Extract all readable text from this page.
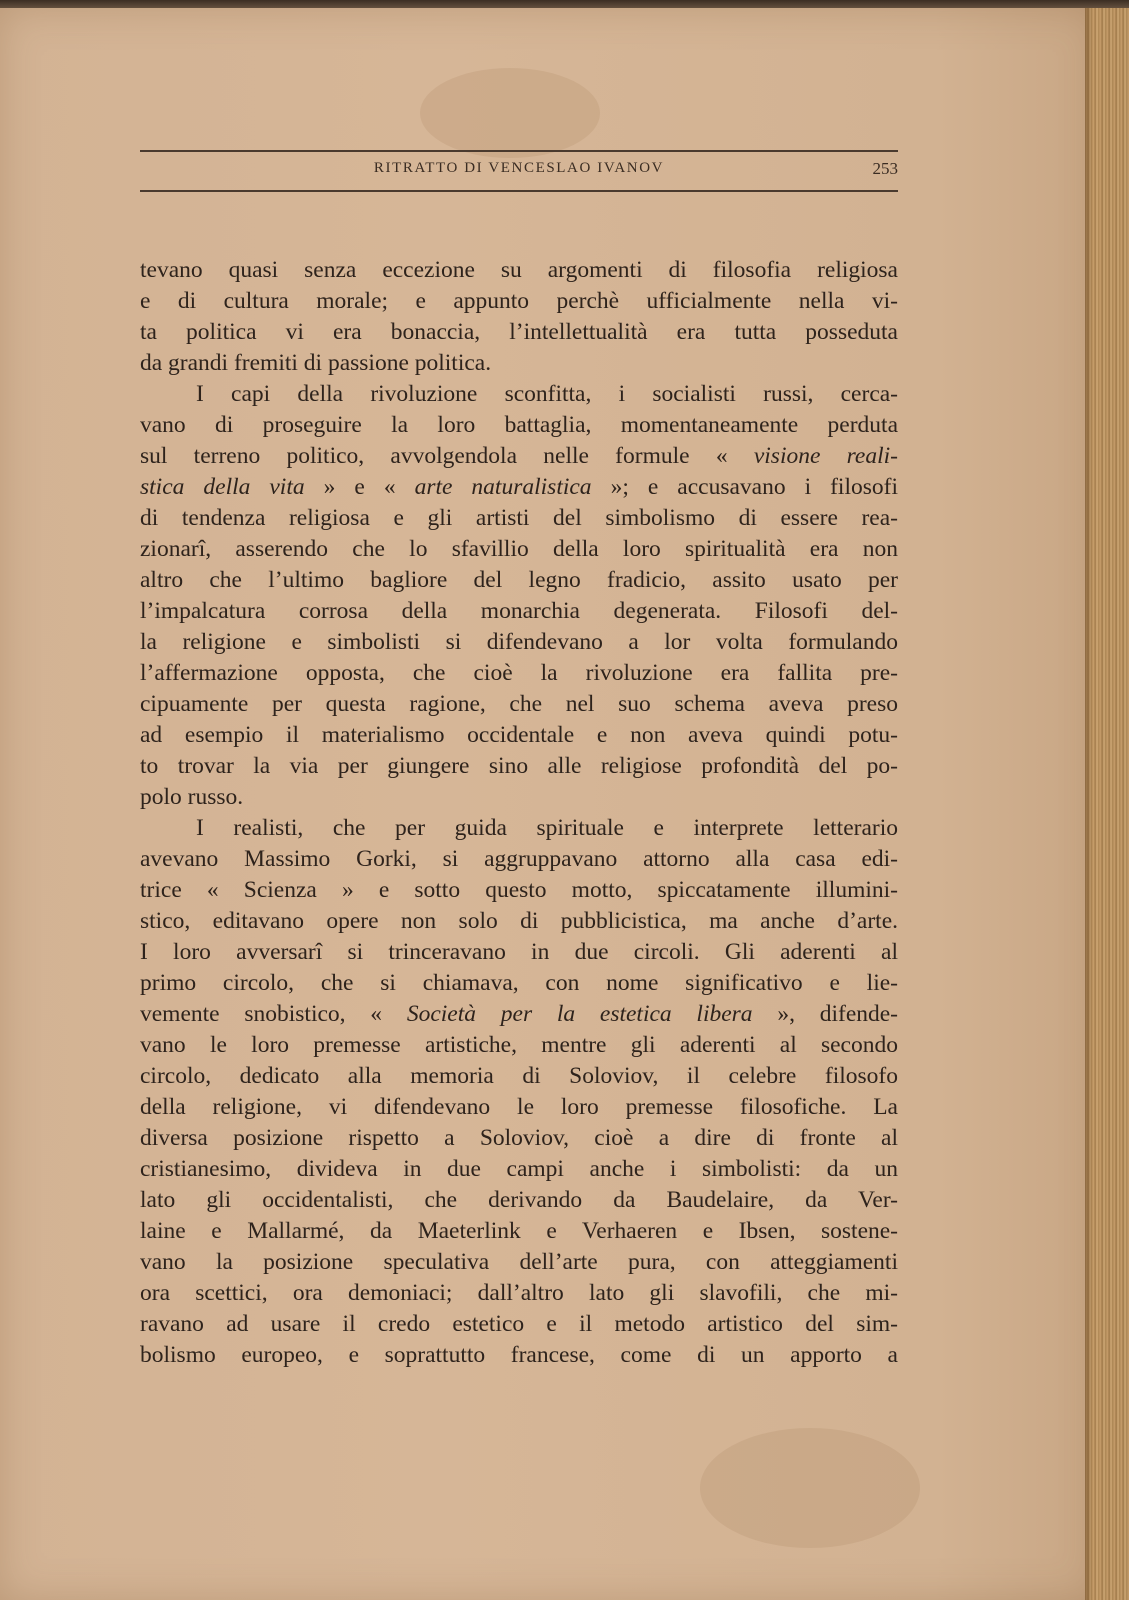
RITRATTO DI VENCESLAO IVANOV	253
tevano quasi senza eccezione su argomenti di filosofia religiosa
e di cultura morale; e appunto perchè ufficialmente nella vi-
ta politica vi era bonaccia, l’intellettualità era tutta posseduta
da grandi fremiti di passione politica.
I capi della rivoluzione sconfitta, i socialisti russi, cerca-
vano di proseguire la loro battaglia, momentaneamente perduta
sul terreno politico, avvolgendola nelle formule « visione reali-
stica della vita » e « arte naturalistica »; e accusavano i filosofi
di tendenza religiosa e gli artisti del simbolismo di essere rea-
zionarî, asserendo che lo sfavillio della loro spiritualità era non
altro che l’ultimo bagliore del legno fradicio, assito usato per
l’impalcatura corrosa della monarchia degenerata. Filosofi del-
la religione e simbolisti si difendevano a lor volta formulando
l’affermazione opposta, che cioè la rivoluzione era fallita pre-
cipuamente per questa ragione, che nel suo schema aveva preso
ad esempio il materialismo occidentale e non aveva quindi potu-
to trovar la via per giungere sino alle religiose profondità del po-
polo russo.
I realisti, che per guida spirituale e interprete letterario
avevano Massimo Gorki, si aggruppavano attorno alla casa edi-
trice « Scienza » e sotto questo motto, spiccatamente illumini-
stico, editavano opere non solo di pubblicistica, ma anche d’arte.
I loro avversarî si trinceravano in due circoli. Gli aderenti al
primo circolo, che si chiamava, con nome significativo e lie-
vemente snobistico, « Società per la estetica libera », difende-
vano le loro premesse artistiche, mentre gli aderenti al secondo
circolo, dedicato alla memoria di Soloviov, il celebre filosofo
della religione, vi difendevano le loro premesse filosofiche. La
diversa posizione rispetto a Soloviov, cioè a dire di fronte al
cristianesimo, divideva in due campi anche i simbolisti: da un
lato gli occidentalisti, che derivando da Baudelaire, da Ver-
laine e Mallarmé, da Maeterlink e Verhaeren e Ibsen, sostene-
vano la posizione speculativa dell’arte pura, con atteggiamenti
ora scettici, ora demoniaci; dall’altro lato gli slavofili, che mi-
ravano ad usare il credo estetico e il metodo artistico del sim-
bolismo europeo, e soprattutto francese, come di un apporto a
